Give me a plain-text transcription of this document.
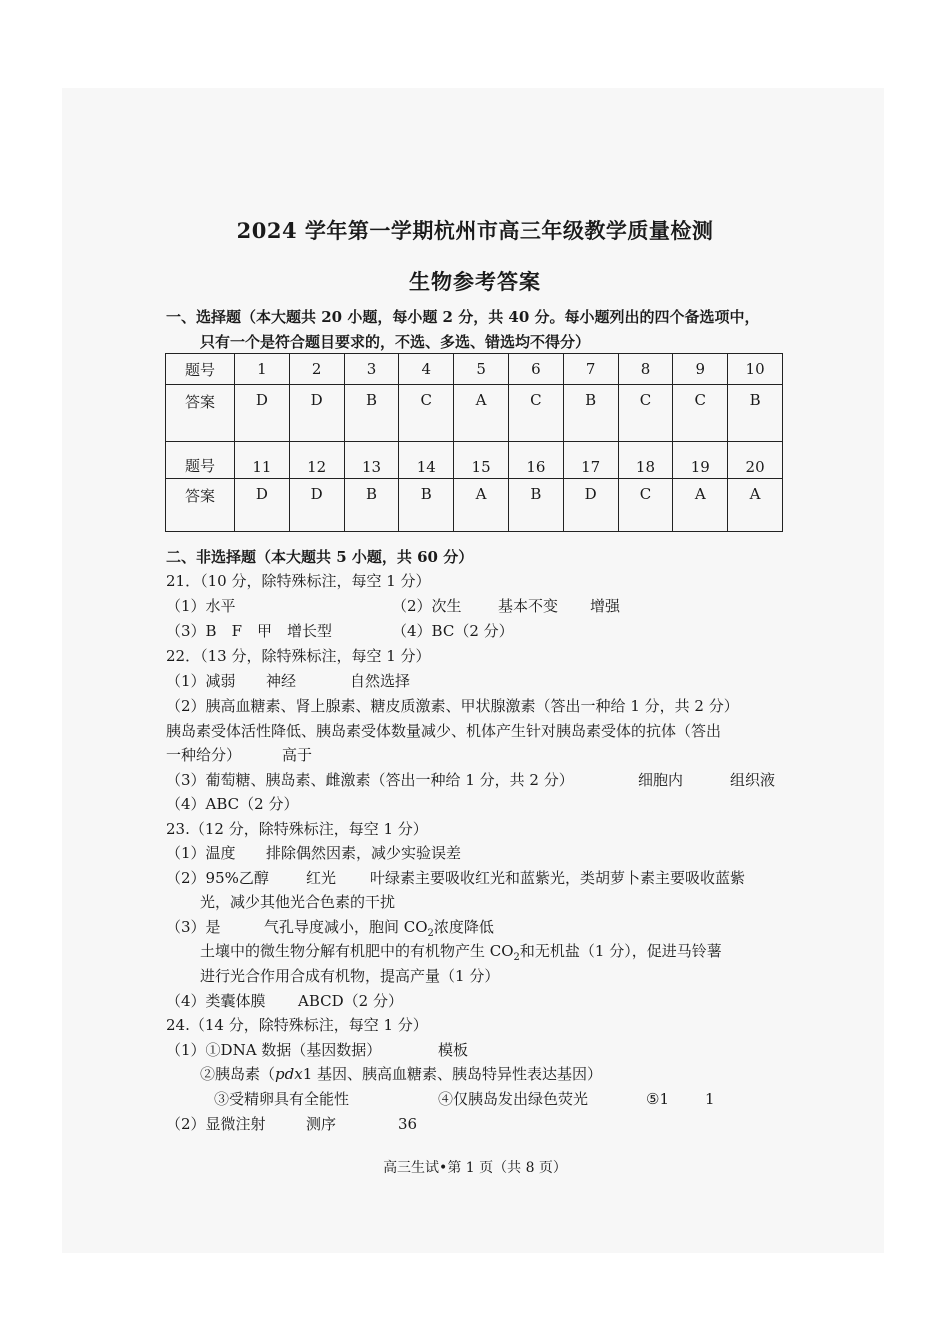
2024 学年第一学期杭州市高三年级教学质量检测
生物参考答案
一、选择题（本大题共 20 小题，每小题 2 分，共 40 分。每小题列出的四个备选项中，
只有一个是符合题目要求的，不选、多选、错选均不得分）
题号	1	2	3	4	5	6	7	8	9	10
答案	D	D	B	C	A	C	B	C	C	B
题号	11	12	13	14	15	16	17	18	19	20
答案	D	D	B	B	A	B	D	C	A	A
二、非选择题（本大题共 5 小题，共 60 分）
21．（10 分，除特殊标注，每空 1 分）
（1）水平	（2）次生 基本不变 增强
（3）B　F　甲　增长型	（4）BC（2 分）
22．（13 分，除特殊标注，每空 1 分）
（1）减弱 神经	自然选择
（2）胰高血糖素、肾上腺素、糖皮质激素、甲状腺激素（答出一种给 1 分，共 2 分）
胰岛素受体活性降低、胰岛素受体数量减少、机体产生针对胰岛素受体的抗体（答出
一种给分）	高于
（3）葡萄糖、胰岛素、雌激素（答出一种给 1 分，共 2 分）	细胞内	组织液
（4）ABC（2 分）
23.（12 分，除特殊标注，每空 1 分）
（1）温度 排除偶然因素，减少实验误差
（2）95%乙醇 红光 叶绿素主要吸收红光和蓝紫光，类胡萝卜素主要吸收蓝紫
光，减少其他光合色素的干扰
（3）是	气孔导度减小，胞间 $CO_2$浓度降低
土壤中的微生物分解有机肥中的有机物产生 $CO_2$和无机盐（1 分），促进马铃薯
进行光合作用合成有机物，提高产量（1 分）
（4）类囊体膜 ABCD（2 分）
24.（14 分，除特殊标注，每空 1 分）
（1）①DNA 数据（基因数据）	模板
②胰岛素（pdx1 基因、胰高血糖素、胰岛特异性表达基因）
③受精卵具有全能性	④仅胰岛发出绿色荧光	⑤1 1
（2）显微注射	测序	36
高三生试•第 1 页（共 8 页）
